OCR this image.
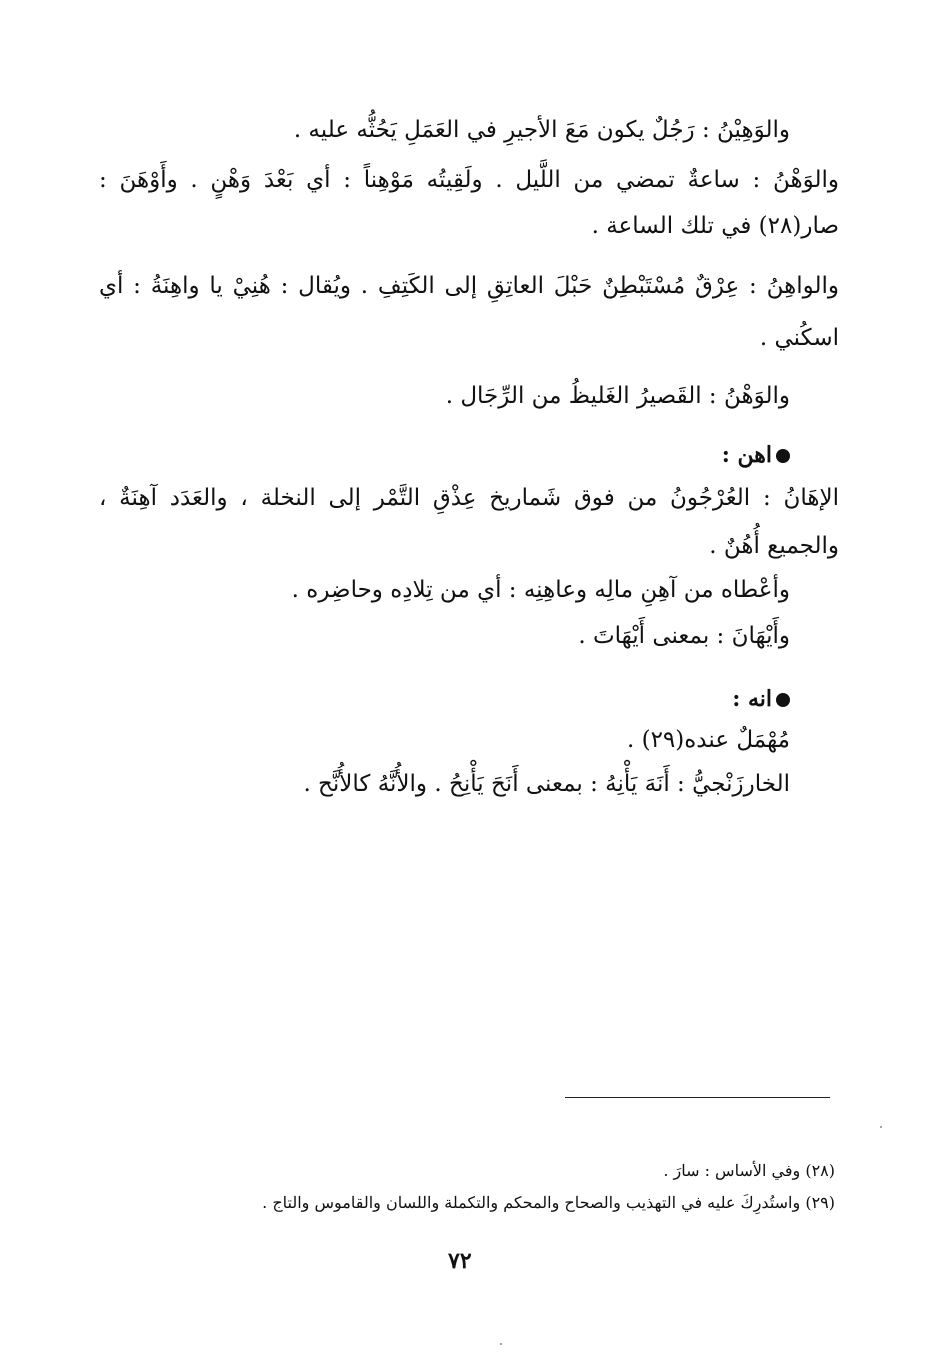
والوَهِيْنُ : رَجُلٌ يكون مَعَ الأجيرِ في العَمَلِ يَحُثُّه عليه .
والوَهْنُ : ساعةٌ تمضي من اللَّيل . ولَقِيتُه مَوْهِناً : أي بَعْدَ وَهْنٍ . وأَوْهَنَ :
صار(٢٨) في تلك الساعة .
والواهِنُ : عِرْقٌ مُسْتَبْطِنٌ حَبْلَ العاتِقِ إلى الكَتِفِ . ويُقال : هُنِيْ يا واهِنَةُ : أي
اسكُني .
والوَهْنُ : القَصيرُ الغَليظُ من الرِّجَال .
اهن :
الإهَانُ : العُرْجُونُ من فوق شَماريخ عِذْقِ التَّمْر إلى النخلة ، والعَدَد آهِنَةٌ ،
والجميع أُهُنٌ .
وأعْطاه من آهِنِ مالِه وعاهِنِه : أي من تِلادِه وحاضِره .
وأَيْهَانَ : بمعنى أَيْهَاتَ .
انه :
مُهْمَلٌ عنده(٢٩) .
الخارزَنْجيُّ : أَنَهَ يَأْنِهُ : بمعنى أَنَحَ يَأْنِحُ . والأُنَّهُ كالأُنَّح .
(٢٨) وفي الأساس : سارَ .
(٢٩) واستُدرِكَ عليه في التهذيب والصحاح والمحكم والتكملة واللسان والقاموس والتاج .
٧٢
